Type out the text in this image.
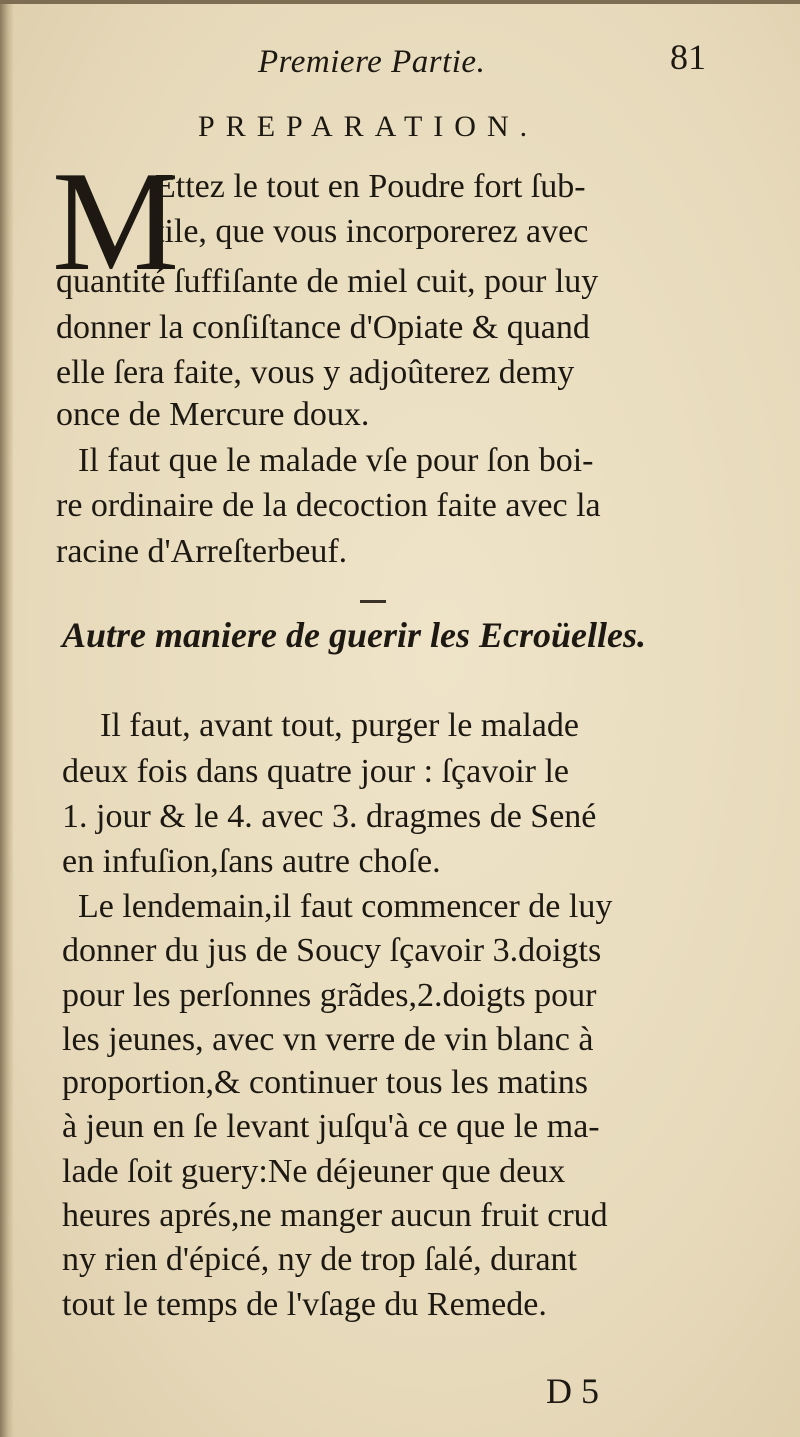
Premiere Partie.	81
PREPARATION.
M
Ettez le tout en Poudre fort ſub-
tile, que vous incorporerez avec
quantité ſuffiſante de miel cuit, pour luy
donner la conſiſtance d'Opiate & quand
elle ſera faite, vous y adjoûterez demy
once de Mercure doux.
Il faut que le malade vſe pour ſon boi-
re ordinaire de la decoction faite avec la
racine d'Arreſterbeuf.
Autre maniere de guerir les Ecroüelles.
Il faut, avant tout, purger le malade
deux fois dans quatre jour : ſçavoir le
1. jour & le 4. avec 3. dragmes de Sené
en infuſion,ſans autre choſe.
Le lendemain,il faut commencer de luy
donner du jus de Soucy ſçavoir 3.doigts
pour les perſonnes grãdes,2.doigts pour
les jeunes, avec vn verre de vin blanc à
proportion,& continuer tous les matins
à jeun en ſe levant juſqu'à ce que le ma-
lade ſoit guery:Ne déjeuner que deux
heures aprés,ne manger aucun fruit crud
ny rien d'épicé, ny de trop ſalé, durant
tout le temps de l'vſage du Remede.
D 5
